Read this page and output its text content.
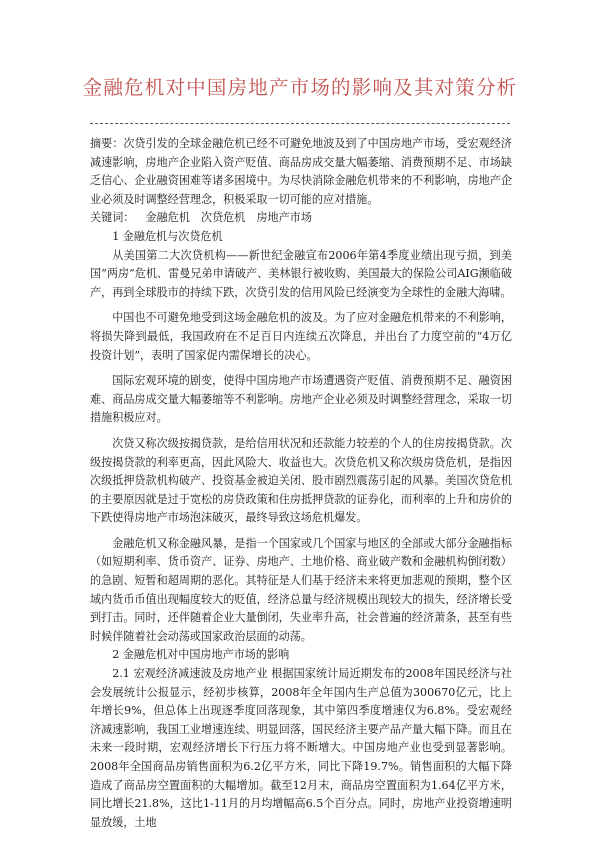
金融危机对中国房地产市场的影响及其对策分析

摘要：次贷引发的全球金融危机已经不可避免地波及到了中国房地产市场，受宏观经济减速影响，房地产企业陷入资产贬值、商品房成交量大幅萎缩、消费预期不足、市场缺乏信心、企业融资困难等诸多困境中。为尽快消除金融危机带来的不利影响，房地产企业必须及时调整经营理念，积极采取一切可能的应对措施。

关键词： 金融危机 次贷危机 房地产市场

1 金融危机与次贷危机

从美国第二大次贷机构——新世纪金融宣布2006年第4季度业绩出现亏损，到美国“两房”危机、雷曼兄弟申请破产、美林银行被收购、美国最大的保险公司AIG濒临破产，再到全球股市的持续下跌，次贷引发的信用风险已经演变为全球性的金融大海啸。

中国也不可避免地受到这场金融危机的波及。为了应对金融危机带来的不利影响，将损失降到最低，我国政府在不足百日内连续五次降息，并出台了力度空前的“4万亿投资计划”，表明了国家促内需保增长的决心。

国际宏观环境的剧变，使得中国房地产市场遭遇资产贬值、消费预期不足、融资困难、商品房成交量大幅萎缩等不利影响。房地产企业必须及时调整经营理念，采取一切措施积极应对。

次贷又称次级按揭贷款，是给信用状况和还款能力较差的个人的住房按揭贷款。次级按揭贷款的利率更高，因此风险大、收益也大。次贷危机又称次级房贷危机，是指因次级抵押贷款机构破产、投资基金被迫关闭、股市剧烈震荡引起的风暴。美国次贷危机的主要原因就是过于宽松的房贷政策和住房抵押贷款的证券化，而利率的上升和房价的下跌使得房地产市场泡沫破灭，最终导致这场危机爆发。

金融危机又称金融风暴，是指一个国家或几个国家与地区的全部或大部分金融指标（如短期利率、货币资产、证券、房地产、土地价格、商业破产数和金融机构倒闭数）的急剧、短暂和超周期的恶化。其特征是人们基于经济未来将更加悲观的预期，整个区域内货币币值出现幅度较大的贬值，经济总量与经济规模出现较大的损失，经济增长受到打击。同时，还伴随着企业大量倒闭，失业率升高，社会普遍的经济萧条，甚至有些时候伴随着社会动荡或国家政治层面的动荡。

2 金融危机对中国房地产市场的影响

2.1 宏观经济减速波及房地产业 根据国家统计局近期发布的2008年国民经济与社会发展统计公报显示，经初步核算，2008年全年国内生产总值为300670亿元，比上年增长9%，但总体上出现逐季度回落现象，其中第四季度增速仅为6.8%。受宏观经济减速影响，我国工业增速连续、明显回落，国民经济主要产品产量大幅下降。而且在未来一段时期，宏观经济增长下行压力将不断增大。中国房地产业也受到显著影响。2008年全国商品房销售面积为6.2亿平方米，同比下降19.7%。销售面积的大幅下降造成了商品房空置面积的大幅增加。截至12月末，商品房空置面积为1.64亿平方米，同比增长21.8%，这比1-11月的月均增幅高6.5个百分点。同时，房地产业投资增速明显放缓，土地
